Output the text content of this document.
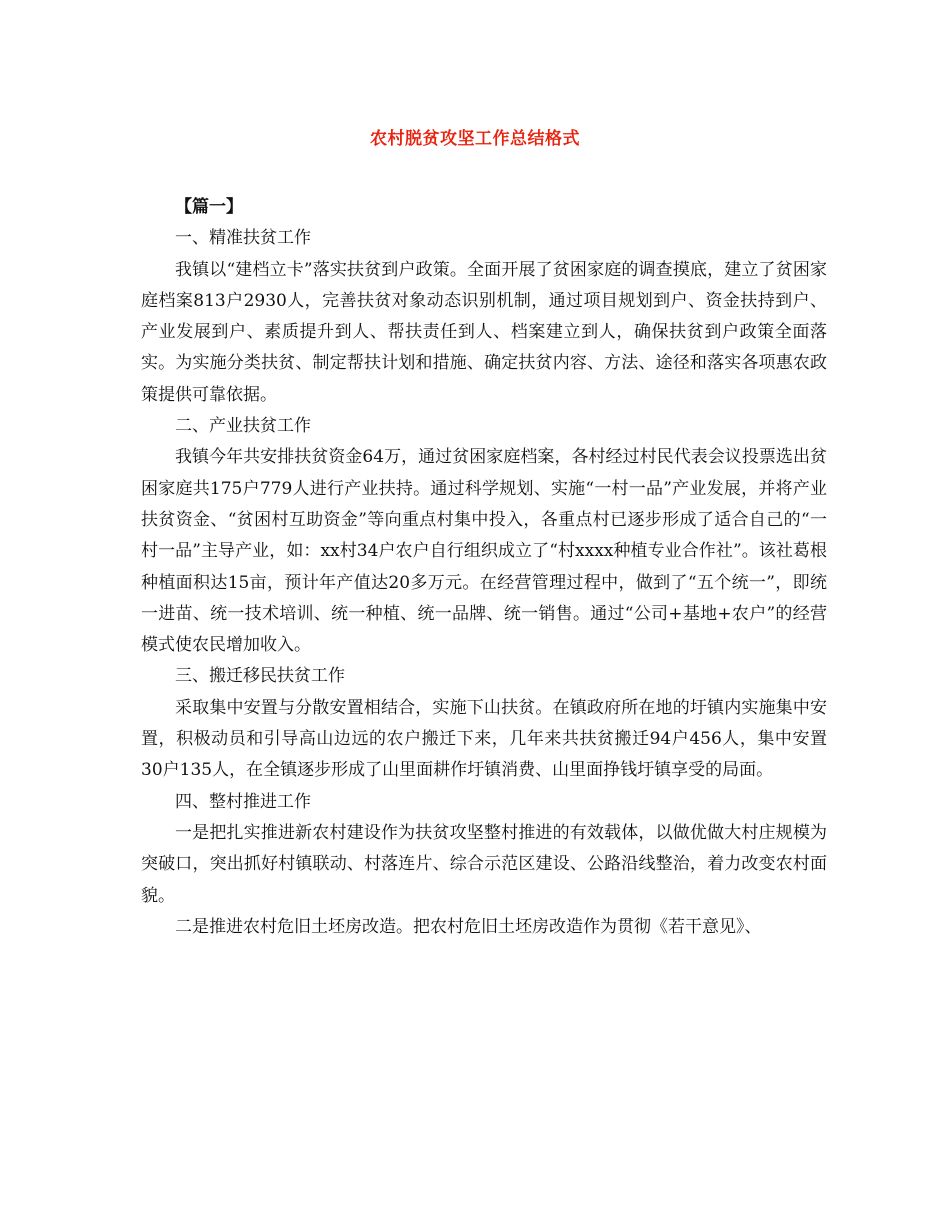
农村脱贫攻坚工作总结格式

【篇一】

一、精准扶贫工作

我镇以“建档立卡”落实扶贫到户政策。全面开展了贫困家庭的调查摸底，建立了贫困家庭档案813户2930人，完善扶贫对象动态识别机制，通过项目规划到户、资金扶持到户、产业发展到户、素质提升到人、帮扶责任到人、档案建立到人，确保扶贫到户政策全面落实。为实施分类扶贫、制定帮扶计划和措施、确定扶贫内容、方法、途径和落实各项惠农政策提供可靠依据。

二、产业扶贫工作

我镇今年共安排扶贫资金64万，通过贫困家庭档案，各村经过村民代表会议投票选出贫困家庭共175户779人进行产业扶持。通过科学规划、实施“一村一品”产业发展，并将产业扶贫资金、“贫困村互助资金”等向重点村集中投入，各重点村已逐步形成了适合自己的“一村一品”主导产业，如：xx村34户农户自行组织成立了“村xxxx种植专业合作社”。该社葛根种植面积达15亩，预计年产值达20多万元。在经营管理过程中，做到了“五个统一”，即统一进苗、统一技术培训、统一种植、统一品牌、统一销售。通过“公司+基地+农户”的经营模式使农民增加收入。

三、搬迁移民扶贫工作

采取集中安置与分散安置相结合，实施下山扶贫。在镇政府所在地的圩镇内实施集中安置，积极动员和引导高山边远的农户搬迁下来，几年来共扶贫搬迁94户456人，集中安置30户135人，在全镇逐步形成了山里面耕作圩镇消费、山里面挣钱圩镇享受的局面。

四、整村推进工作

一是把扎实推进新农村建设作为扶贫攻坚整村推进的有效载体，以做优做大村庄规模为突破口，突出抓好村镇联动、村落连片、综合示范区建设、公路沿线整治，着力改变农村面貌。

二是推进农村危旧土坯房改造。把农村危旧土坯房改造作为贯彻《若干意见》、
